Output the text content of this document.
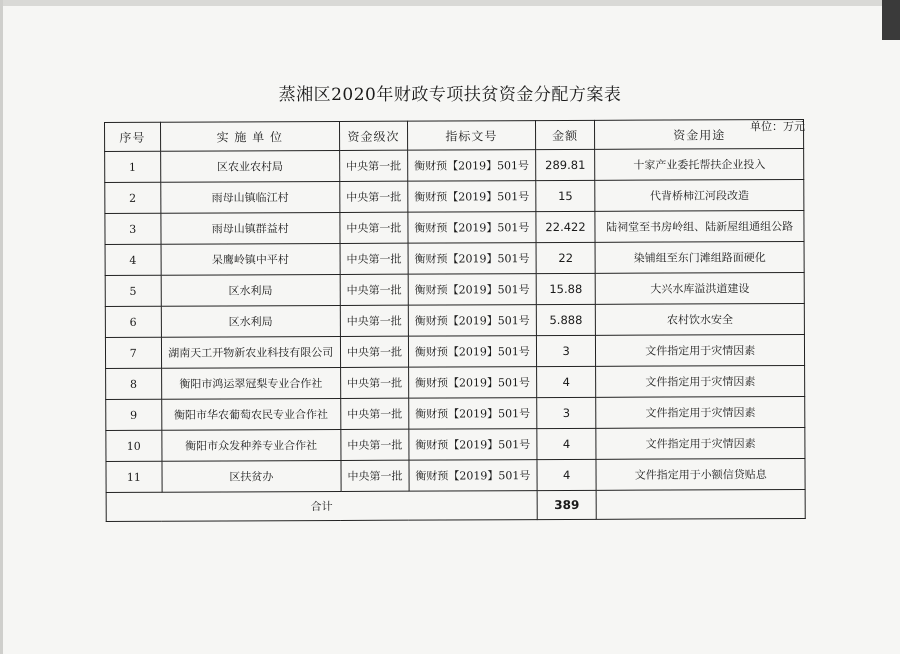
蒸湘区2020年财政专项扶贫资金分配方案表
单位：万元
序号	实 施 单 位	资金级次	指标文号	金额	资金用途
1	区农业农村局	中央第一批	衡财预【2019】501号	289.81	十家产业委托帮扶企业投入
2	雨母山镇临江村	中央第一批	衡财预【2019】501号	15	代背桥柿江河段改造
3	雨母山镇群益村	中央第一批	衡财预【2019】501号	22.422	陆祠堂至书房岭组、陆新屋组通组公路
4	呆鹰岭镇中平村	中央第一批	衡财预【2019】501号	22	染铺组至东门滩组路面硬化
5	区水利局	中央第一批	衡财预【2019】501号	15.88	大兴水库溢洪道建设
6	区水利局	中央第一批	衡财预【2019】501号	5.888	农村饮水安全
7	湖南天工开物新农业科技有限公司	中央第一批	衡财预【2019】501号	3	文件指定用于灾情因素
8	衡阳市鸿运翠冠梨专业合作社	中央第一批	衡财预【2019】501号	4	文件指定用于灾情因素
9	衡阳市华农葡萄农民专业合作社	中央第一批	衡财预【2019】501号	3	文件指定用于灾情因素
10	衡阳市众发种养专业合作社	中央第一批	衡财预【2019】501号	4	文件指定用于灾情因素
11	区扶贫办	中央第一批	衡财预【2019】501号	4	文件指定用于小额信贷贴息
合计				389	
